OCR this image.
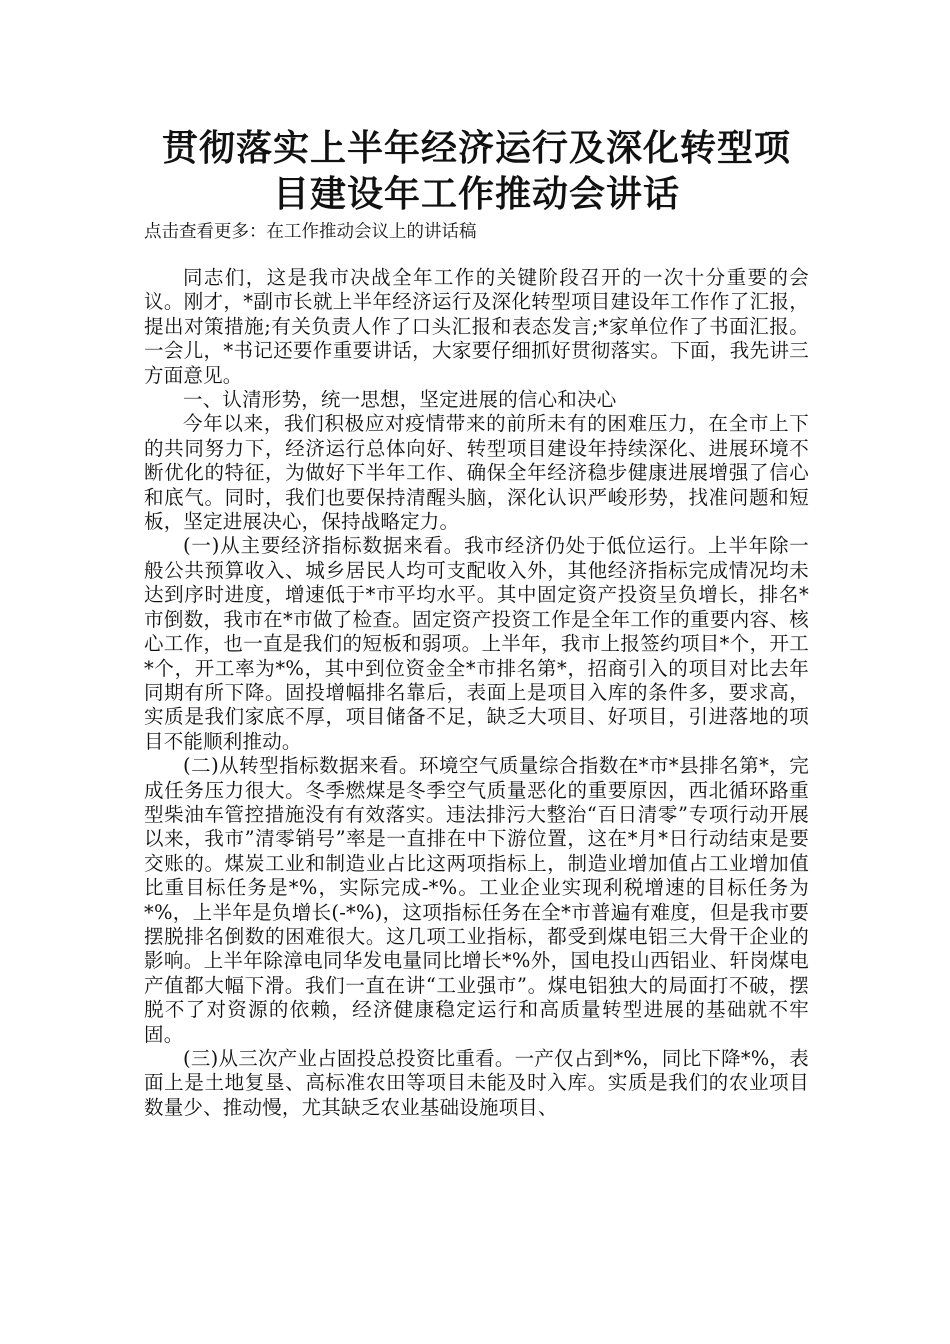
贯彻落实上半年经济运行及深化转型项
目建设年工作推动会讲话

点击查看更多：在工作推动会议上的讲话稿

同志们，这是我市决战全年工作的关键阶段召开的一次十分重要的会议。刚才，*副市长就上半年经济运行及深化转型项目建设年工作作了汇报，提出对策措施;有关负责人作了口头汇报和表态发言;*家单位作了书面汇报。一会儿，*书记还要作重要讲话，大家要仔细抓好贯彻落实。下面，我先讲三方面意见。

一、认清形势，统一思想，坚定进展的信心和决心

今年以来，我们积极应对疫情带来的前所未有的困难压力，在全市上下的共同努力下，经济运行总体向好、转型项目建设年持续深化、进展环境不断优化的特征，为做好下半年工作、确保全年经济稳步健康进展增强了信心和底气。同时，我们也要保持清醒头脑，深化认识严峻形势，找准问题和短板，坚定进展决心，保持战略定力。

(一)从主要经济指标数据来看。我市经济仍处于低位运行。上半年除一般公共预算收入、城乡居民人均可支配收入外，其他经济指标完成情况均未达到序时进度，增速低于*市平均水平。其中固定资产投资呈负增长，排名*市倒数，我市在*市做了检查。固定资产投资工作是全年工作的重要内容、核心工作，也一直是我们的短板和弱项。上半年，我市上报签约项目*个，开工*个，开工率为*%，其中到位资金全*市排名第*，招商引入的项目对比去年同期有所下降。固投增幅排名靠后，表面上是项目入库的条件多，要求高，实质是我们家底不厚，项目储备不足，缺乏大项目、好项目，引进落地的项目不能顺利推动。

(二)从转型指标数据来看。环境空气质量综合指数在*市*县排名第*，完成任务压力很大。冬季燃煤是冬季空气质量恶化的重要原因，西北循环路重型柴油车管控措施没有有效落实。违法排污大整治“百日清零”专项行动开展以来，我市”清零销号”率是一直排在中下游位置，这在*月*日行动结束是要交账的。煤炭工业和制造业占比这两项指标上，制造业增加值占工业增加值比重目标任务是*%，实际完成-*%。工业企业实现利税增速的目标任务为*%，上半年是负增长(-*%)，这项指标任务在全*市普遍有难度，但是我市要摆脱排名倒数的困难很大。这几项工业指标，都受到煤电铝三大骨干企业的影响。上半年除漳电同华发电量同比增长*%外，国电投山西铝业、轩岗煤电产值都大幅下滑。我们一直在讲“工业强市”。煤电铝独大的局面打不破，摆脱不了对资源的依赖，经济健康稳定运行和高质量转型进展的基础就不牢固。

(三)从三次产业占固投总投资比重看。一产仅占到*%，同比下降*%，表面上是土地复垦、高标准农田等项目未能及时入库。实质是我们的农业项目数量少、推动慢，尤其缺乏农业基础设施项目、
